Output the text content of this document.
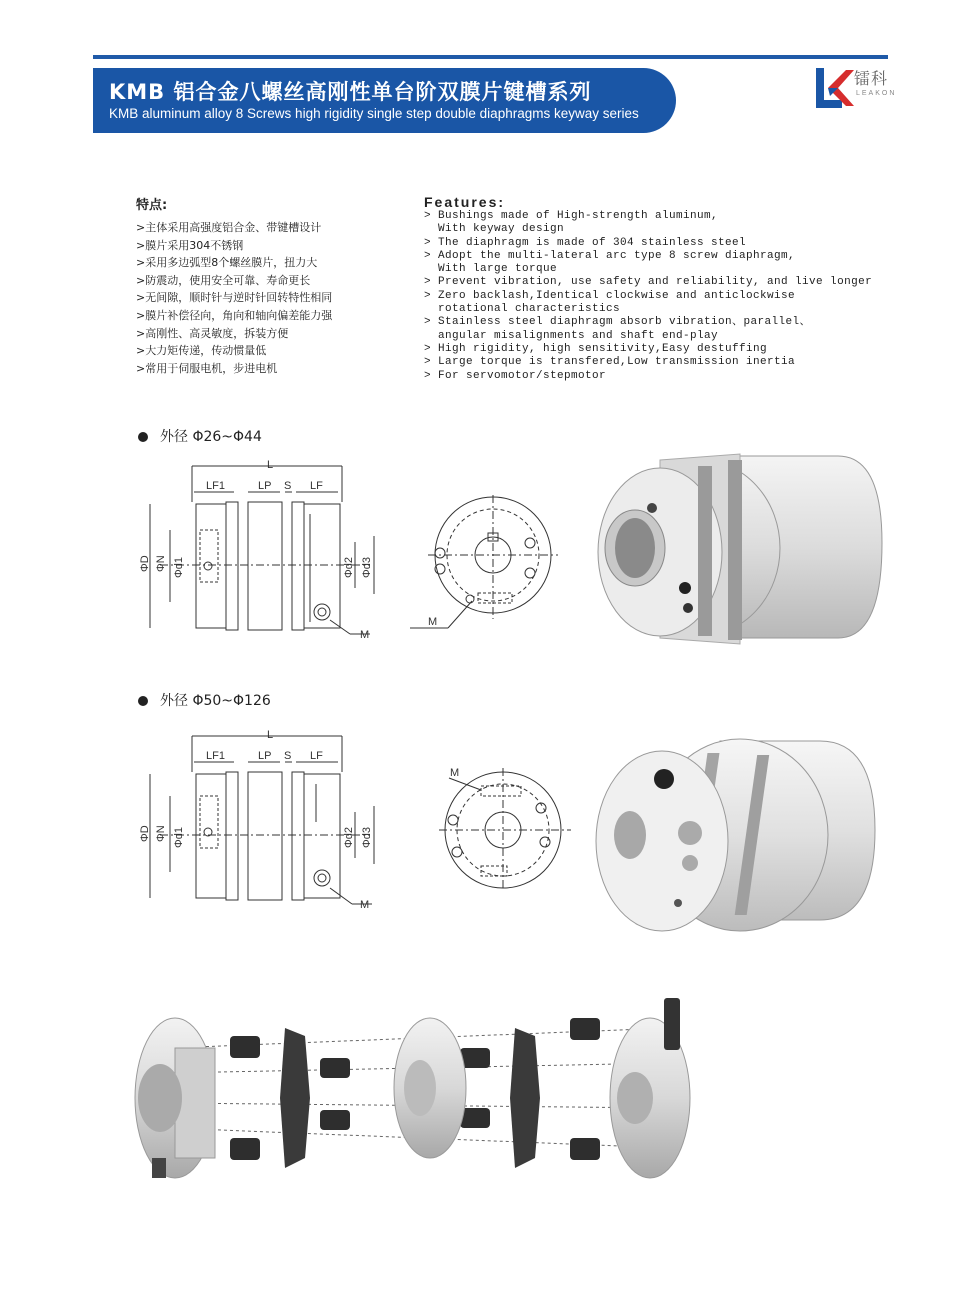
KMB 铝合金八螺丝高刚性单台阶双膜片键槽系列
KMB aluminum alloy 8 Screws high rigidity single step double diaphragms keyway series
镭科
LEAKON
特点:
>主体采用高强度铝合金、带键槽设计
>膜片采用304不锈钢
>采用多边弧型8个螺丝膜片，扭力大
>防震动，使用安全可靠、寿命更长
>无间隙，顺时针与逆时针回转特性相同
>膜片补偿径向，角向和轴向偏差能力强
>高刚性、高灵敏度，拆装方便
>大力矩传递，传动惯量低
>常用于伺服电机，步进电机
Features:
> Bushings made of High-strength aluminum,
With keyway design
> The diaphragm is made of 304 stainless steel
> Adopt the multi-lateral arc type 8 screw diaphragm,
With large torque
> Prevent vibration, use safety and reliability, and live longer
> Zero backlash,Identical clockwise and anticlockwise
rotational characteristics
> Stainless steel diaphragm absorb vibration、parallel、
angular misalignments and shaft end-play
> High rigidity, high sensitivity,Easy destuffing
> Large torque is transfered,Low transmission inertia
> For servomotor/stepmotor
外径 Φ26~Φ44
L
LF1	LP S LF
ΦD ΦN Φd1	Φd2 Φd3
M
M
外径 Φ50~Φ126
L
LF1	LP S LF
ΦD ΦN Φd1	Φd2 Φd3
M
M
